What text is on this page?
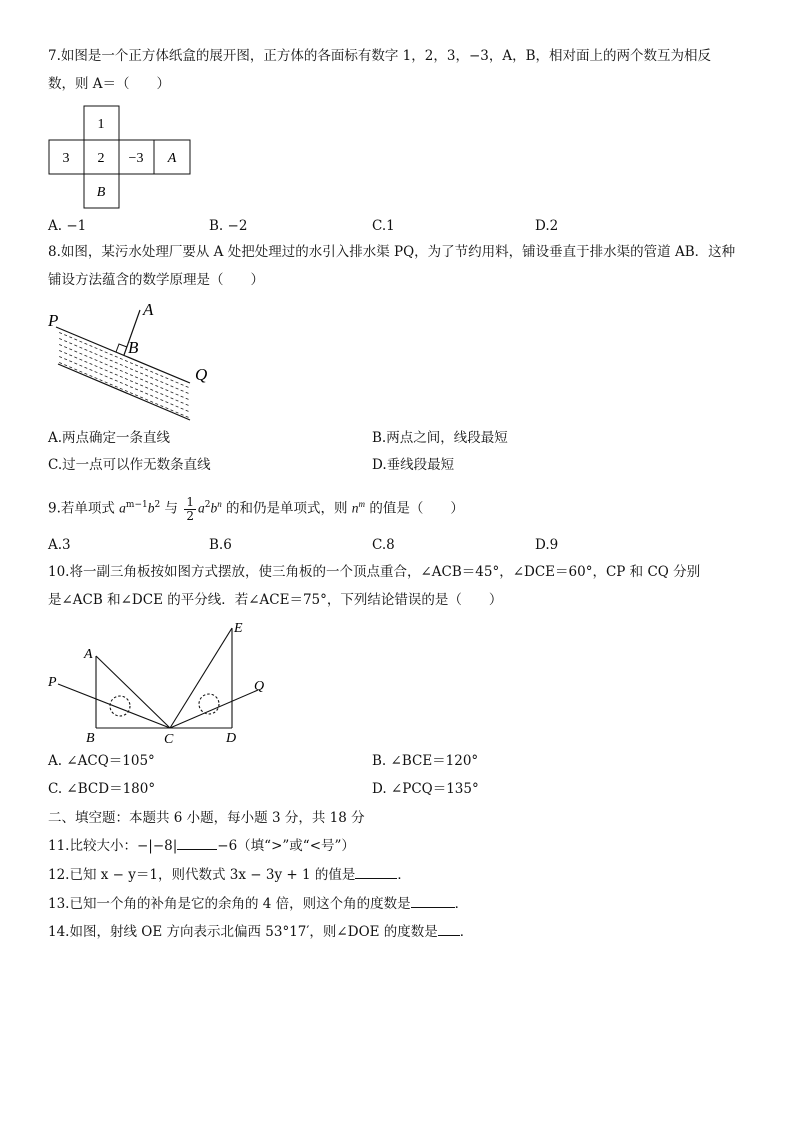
7.如图是一个正方体纸盒的展开图，正方体的各面标有数字 1，2，3，−3，A，B，相对面上的两个数互为相反
数，则 A＝（　　）
1
3 2 −3 A
B
A. −1	B. −2	C.1	D.2
8.如图，某污水处理厂要从 A 处把处理过的水引入排水渠 PQ，为了节约用料，铺设垂直于排水渠的管道 AB．这种
铺设方法蕴含的数学原理是（　　）
P
A
B
Q
A.两点确定一条直线	B.两点之间，线段最短
C.过一点可以作无数条直线	D.垂线段最短
9.若单项式 $a^{m-1}b^2$ 与 $\frac{1}{2} a^2b^n$ 的和仍是单项式，则 $n^m$ 的值是（　　）
A.3	B.6	C.8	D.9
10.将一副三角板按如图方式摆放，使三角板的一个顶点重合，∠ACB＝45°，∠DCE＝60°，CP 和 CQ 分别
是∠ACB 和∠DCE 的平分线．若∠ACE＝75°，下列结论错误的是（　　）
A
E
P	Q
B	C	D
A. ∠ACQ＝105°	B. ∠BCE＝120°
C. ∠BCD＝180°	D. ∠PCQ＝135°
二、填空题：本题共 6 小题，每小题 3 分，共 18 分
11.比较大小：−|−8|	−6（填“>”或“<号”）
12.已知 x − y＝1，则代数式 3x − 3y + 1 的值是	．
13.已知一个角的补角是它的余角的 4 倍，则这个角的度数是	．
14.如图，射线 OE 方向表示北偏西 53°17′，则∠DOE 的度数是 ．
